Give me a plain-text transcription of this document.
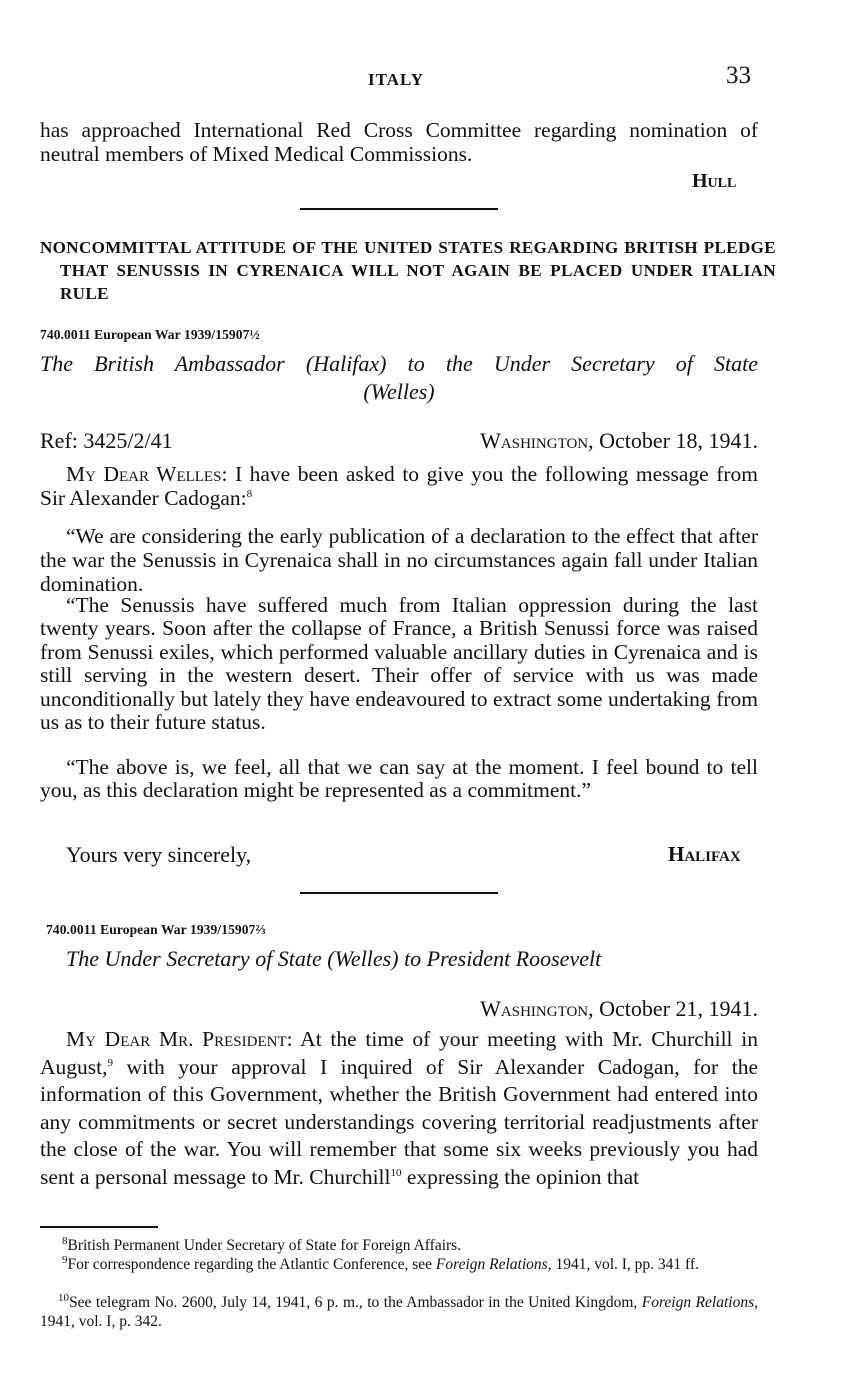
ITALY	33
has approached International Red Cross Committee regarding nomination of neutral members of Mixed Medical Commissions.
Hull
NONCOMMITTAL ATTITUDE OF THE UNITED STATES REGARDING BRITISH PLEDGE THAT SENUSSIS IN CYRENAICA WILL NOT AGAIN BE PLACED UNDER ITALIAN RULE
740.0011 European War 1939/15907½
The British Ambassador (Halifax) to the Under Secretary of State
(Welles)
Ref: 3425/2/41	Washington, October 18, 1941.
My Dear Welles: I have been asked to give you the following message from Sir Alexander Cadogan:$^8$
“We are considering the early publication of a declaration to the effect that after the war the Senussis in Cyrenaica shall in no circumstances again fall under Italian domination.
“The Senussis have suffered much from Italian oppression during the last twenty years. Soon after the collapse of France, a British Senussi force was raised from Senussi exiles, which performed valuable ancillary duties in Cyrenaica and is still serving in the western desert. Their offer of service with us was made unconditionally but lately they have endeavoured to extract some undertaking from us as to their future status.
“The above is, we feel, all that we can say at the moment. I feel bound to tell you, as this declaration might be represented as a commitment.”
Yours very sincerely,	Halifax
740.0011 European War 1939/15907⅔
The Under Secretary of State (Welles) to President Roosevelt
Washington, October 21, 1941.
My Dear Mr. President: At the time of your meeting with Mr. Churchill in August,$^9$ with your approval I inquired of Sir Alexander Cadogan, for the information of this Government, whether the British Government had entered into any commitments or secret understandings covering territorial readjustments after the close of the war. You will remember that some six weeks previously you had sent a personal message to Mr. Churchill$^{10}$ expressing the opinion that
$^8$British Permanent Under Secretary of State for Foreign Affairs.
$^9$For correspondence regarding the Atlantic Conference, see Foreign Relations, 1941, vol. I, pp. 341 ff.
$^{10}$See telegram No. 2600, July 14, 1941, 6 p. m., to the Ambassador in the United Kingdom, Foreign Relations, 1941, vol. I, p. 342.
